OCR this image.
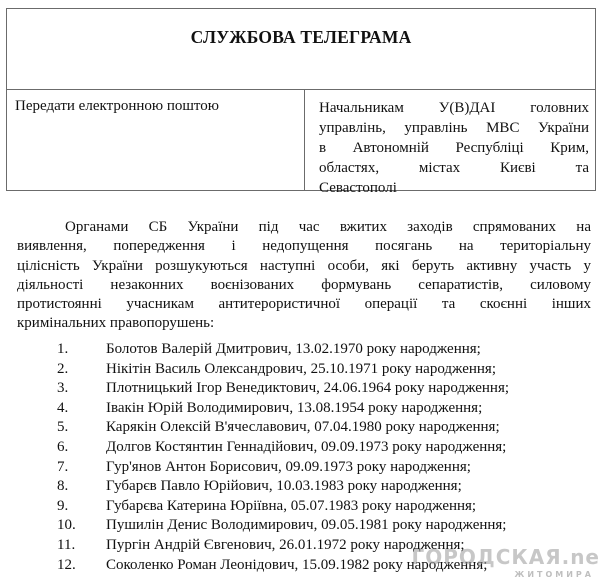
СЛУЖБОВА ТЕЛЕГРАМА
Передати електронною поштою	Начальникам У(В)ДАІ головних
управлінь, управлінь МВС України
в Автономній Республіці Крим,
областях, містах Києві та
Севастополі
Органами СБ України під час вжитих заходів спрямованих на
виявлення, попередження і недопущення посягань на територіальну
цілісність України розшукуються наступні особи, які беруть активну участь у
діяльності незаконних воєнізованих формувань сепаратистів, силовому
протистоянні учасникам антитерористичної операції та скоєнні інших
кримінальних правопорушень:
1.	Болотов Валерій Дмитрович, 13.02.1970 року народження;
2.	Нікітін Василь Олександрович, 25.10.1971 року народження;
3.	Плотницький Ігор Венедиктович, 24.06.1964 року народження;
4.	Івакін Юрій Володимирович, 13.08.1954 року народження;
5.	Карякін Олексій В'ячеславович, 07.04.1980 року народження;
6.	Долгов Костянтин Геннадійович, 09.09.1973 року народження;
7.	Гур'янов Антон Борисович, 09.09.1973 року народження;
8.	Губарєв Павло Юрійович, 10.03.1983 року народження;
9.	Губарєва Катерина Юріївна, 05.07.1983 року народження;
10.	Пушилін Денис Володимирович, 09.05.1981 року народження;
11.	Пургін Андрій Євгенович, 26.01.1972 року народження;
12.	Соколенко Роман Леонідович, 15.09.1982 року народження;
ГОРОДСКАЯ.ne
ЖИТОМИРА
